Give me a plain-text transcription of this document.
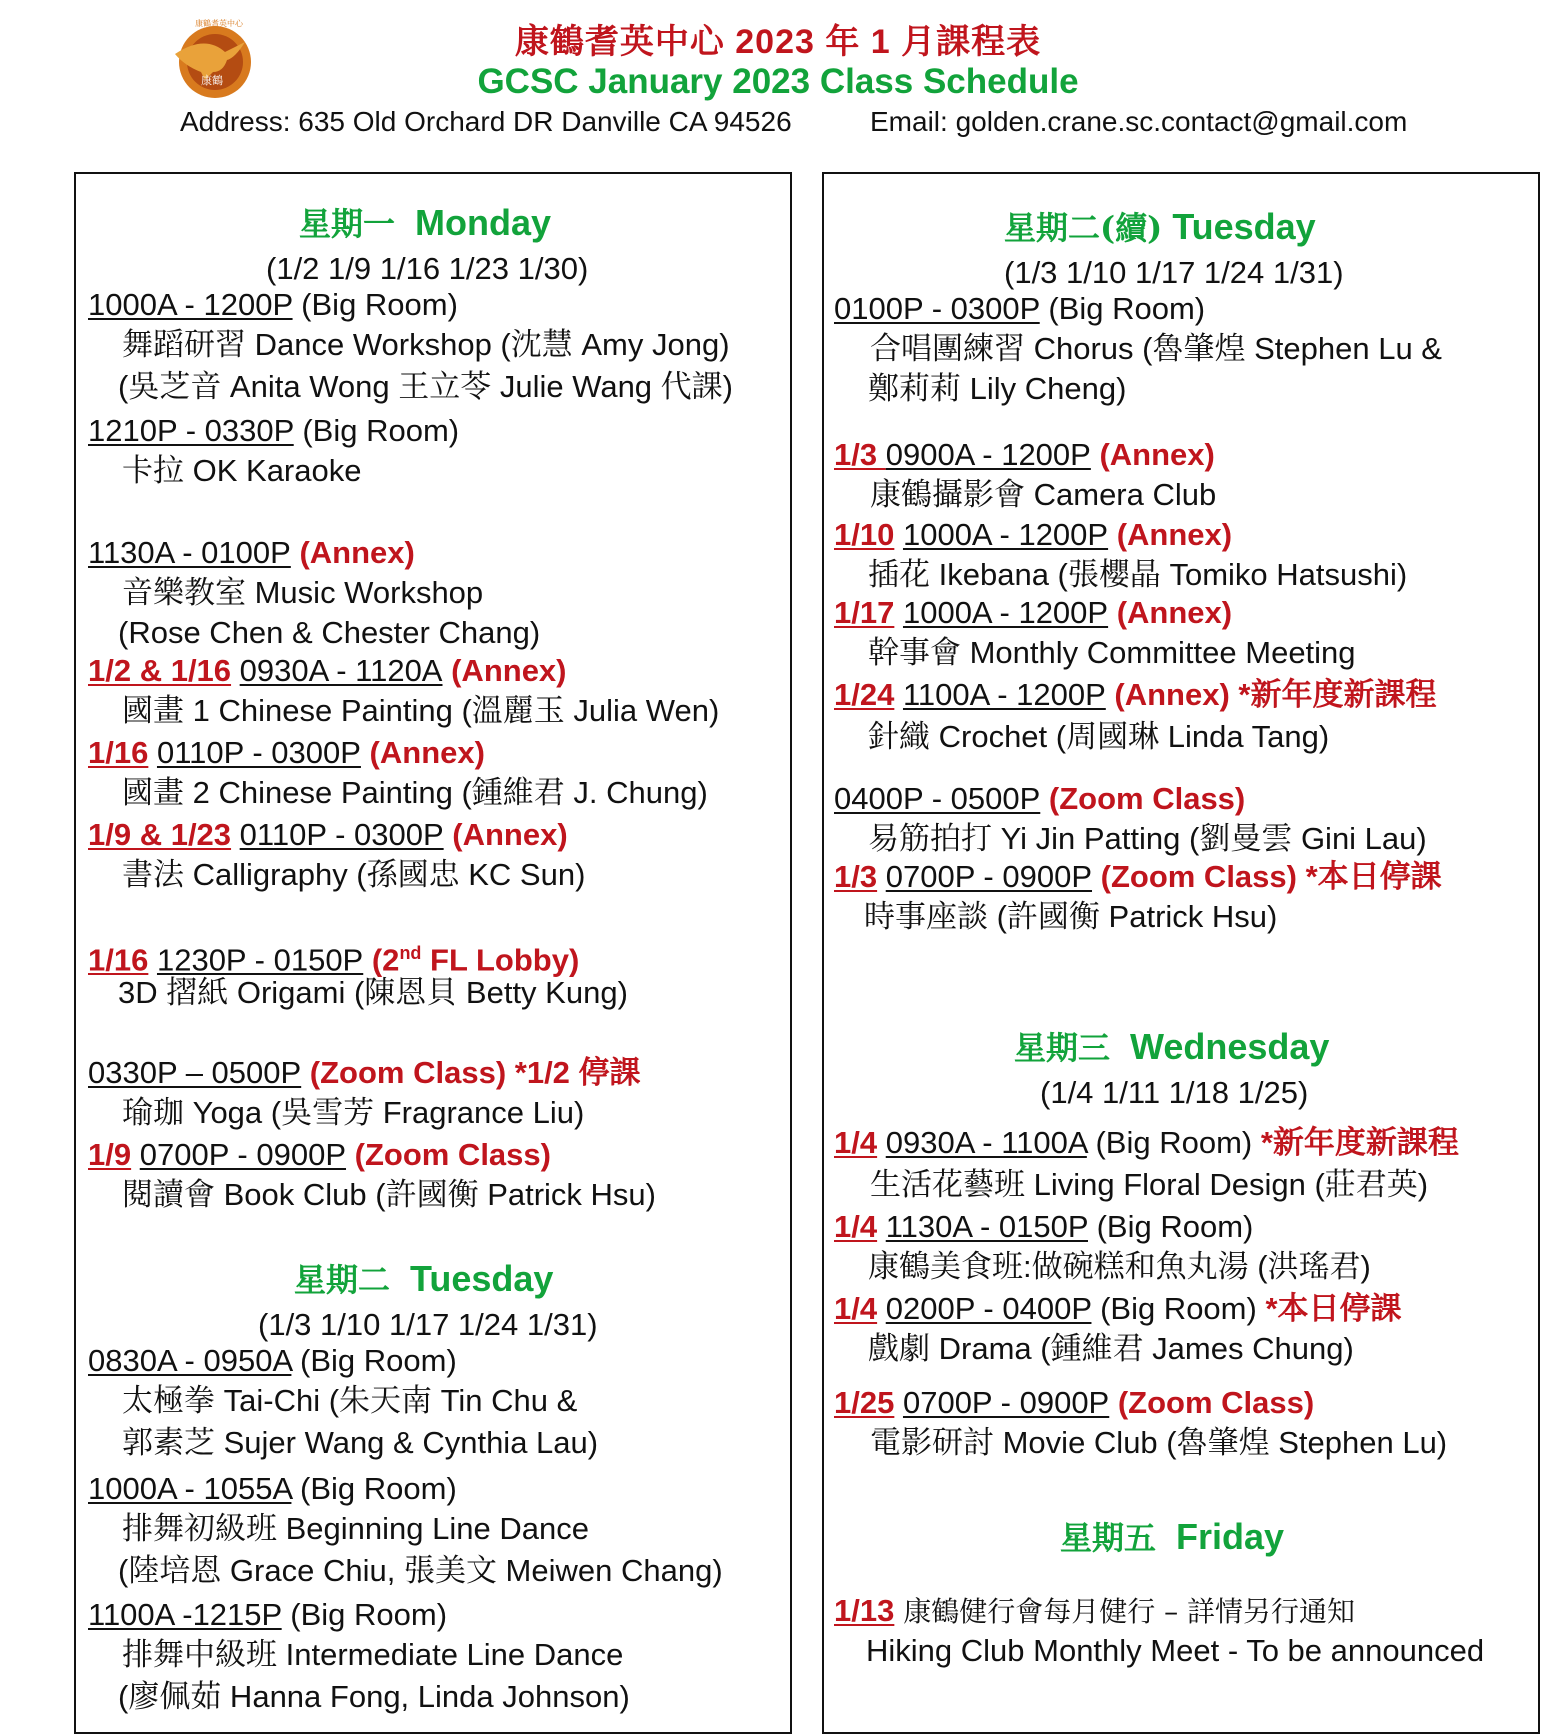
康鶴
康鶴耆英中心	康鶴耆英中心 2023 年 1 月課程表
GCSC January 2023 Class Schedule
Address: 635 Old Orchard DR Danville CA 94526	Email: golden.crane.sc.contact@gmail.com
星期一 Monday
(1/2 1/9 1/16 1/23 1/30)
1000A - 1200P (Big Room)
舞蹈研習 Dance Workshop (沈慧 Amy Jong)
(吳芝音 Anita Wong 王立苓 Julie Wang 代課)
1210P - 0330P (Big Room)
卡拉 OK Karaoke
1130A - 0100P (Annex)
音樂教室 Music Workshop
(Rose Chen & Chester Chang)
1/2 & 1/16 0930A - 1120A (Annex)
國畫 1 Chinese Painting (溫麗玉 Julia Wen)
1/16 0110P - 0300P (Annex)
國畫 2 Chinese Painting (鍾維君 J. Chung)
1/9 & 1/23 0110P - 0300P (Annex)
書法 Calligraphy (孫國忠 KC Sun)
1/16 1230P - 0150P (2nd FL Lobby)
3D 摺紙 Origami (陳恩貝 Betty Kung)
0330P – 0500P (Zoom Class) *1/2 停課
瑜珈 Yoga (吳雪芳 Fragrance Liu)
1/9 0700P - 0900P (Zoom Class)
閱讀會 Book Club (許國衡 Patrick Hsu)
星期二 Tuesday
(1/3 1/10 1/17 1/24 1/31)
0830A - 0950A (Big Room)
太極拳 Tai-Chi (朱天南 Tin Chu &
郭素芝 Sujer Wang & Cynthia Lau)
1000A - 1055A (Big Room)
排舞初級班 Beginning Line Dance
(陸培恩 Grace Chiu, 張美文 Meiwen Chang)
1100A -1215P (Big Room)
排舞中級班 Intermediate Line Dance
(廖佩茹 Hanna Fong, Linda Johnson)
星期二(續) Tuesday
(1/3 1/10 1/17 1/24 1/31)
0100P - 0300P (Big Room)
合唱團練習 Chorus (魯肇煌 Stephen Lu &
鄭莉莉 Lily Cheng)
1/3 0900A - 1200P (Annex)
康鶴攝影會 Camera Club
1/10 1000A - 1200P (Annex)
插花 Ikebana (張櫻晶 Tomiko Hatsushi)
1/17 1000A - 1200P (Annex)
幹事會 Monthly Committee Meeting
1/24 1100A - 1200P (Annex) *新年度新課程
針織 Crochet (周國琳 Linda Tang)
0400P - 0500P (Zoom Class)
易筋拍打 Yi Jin Patting (劉曼雲 Gini Lau)
1/3 0700P - 0900P (Zoom Class) *本日停課
時事座談 (許國衡 Patrick Hsu)
星期三 Wednesday
(1/4 1/11 1/18 1/25)
1/4 0930A - 1100A (Big Room) *新年度新課程
生活花藝班 Living Floral Design (莊君英)
1/4 1130A - 0150P (Big Room)
康鶴美食班:做碗糕和魚丸湯 (洪瑤君)
1/4 0200P - 0400P (Big Room) *本日停課
戲劇 Drama (鍾維君 James Chung)
1/25 0700P - 0900P (Zoom Class)
電影研討 Movie Club (魯肇煌 Stephen Lu)
星期五 Friday
1/13 康鶴健行會每月健行 – 詳情另行通知
Hiking Club Monthly Meet - To be announced
